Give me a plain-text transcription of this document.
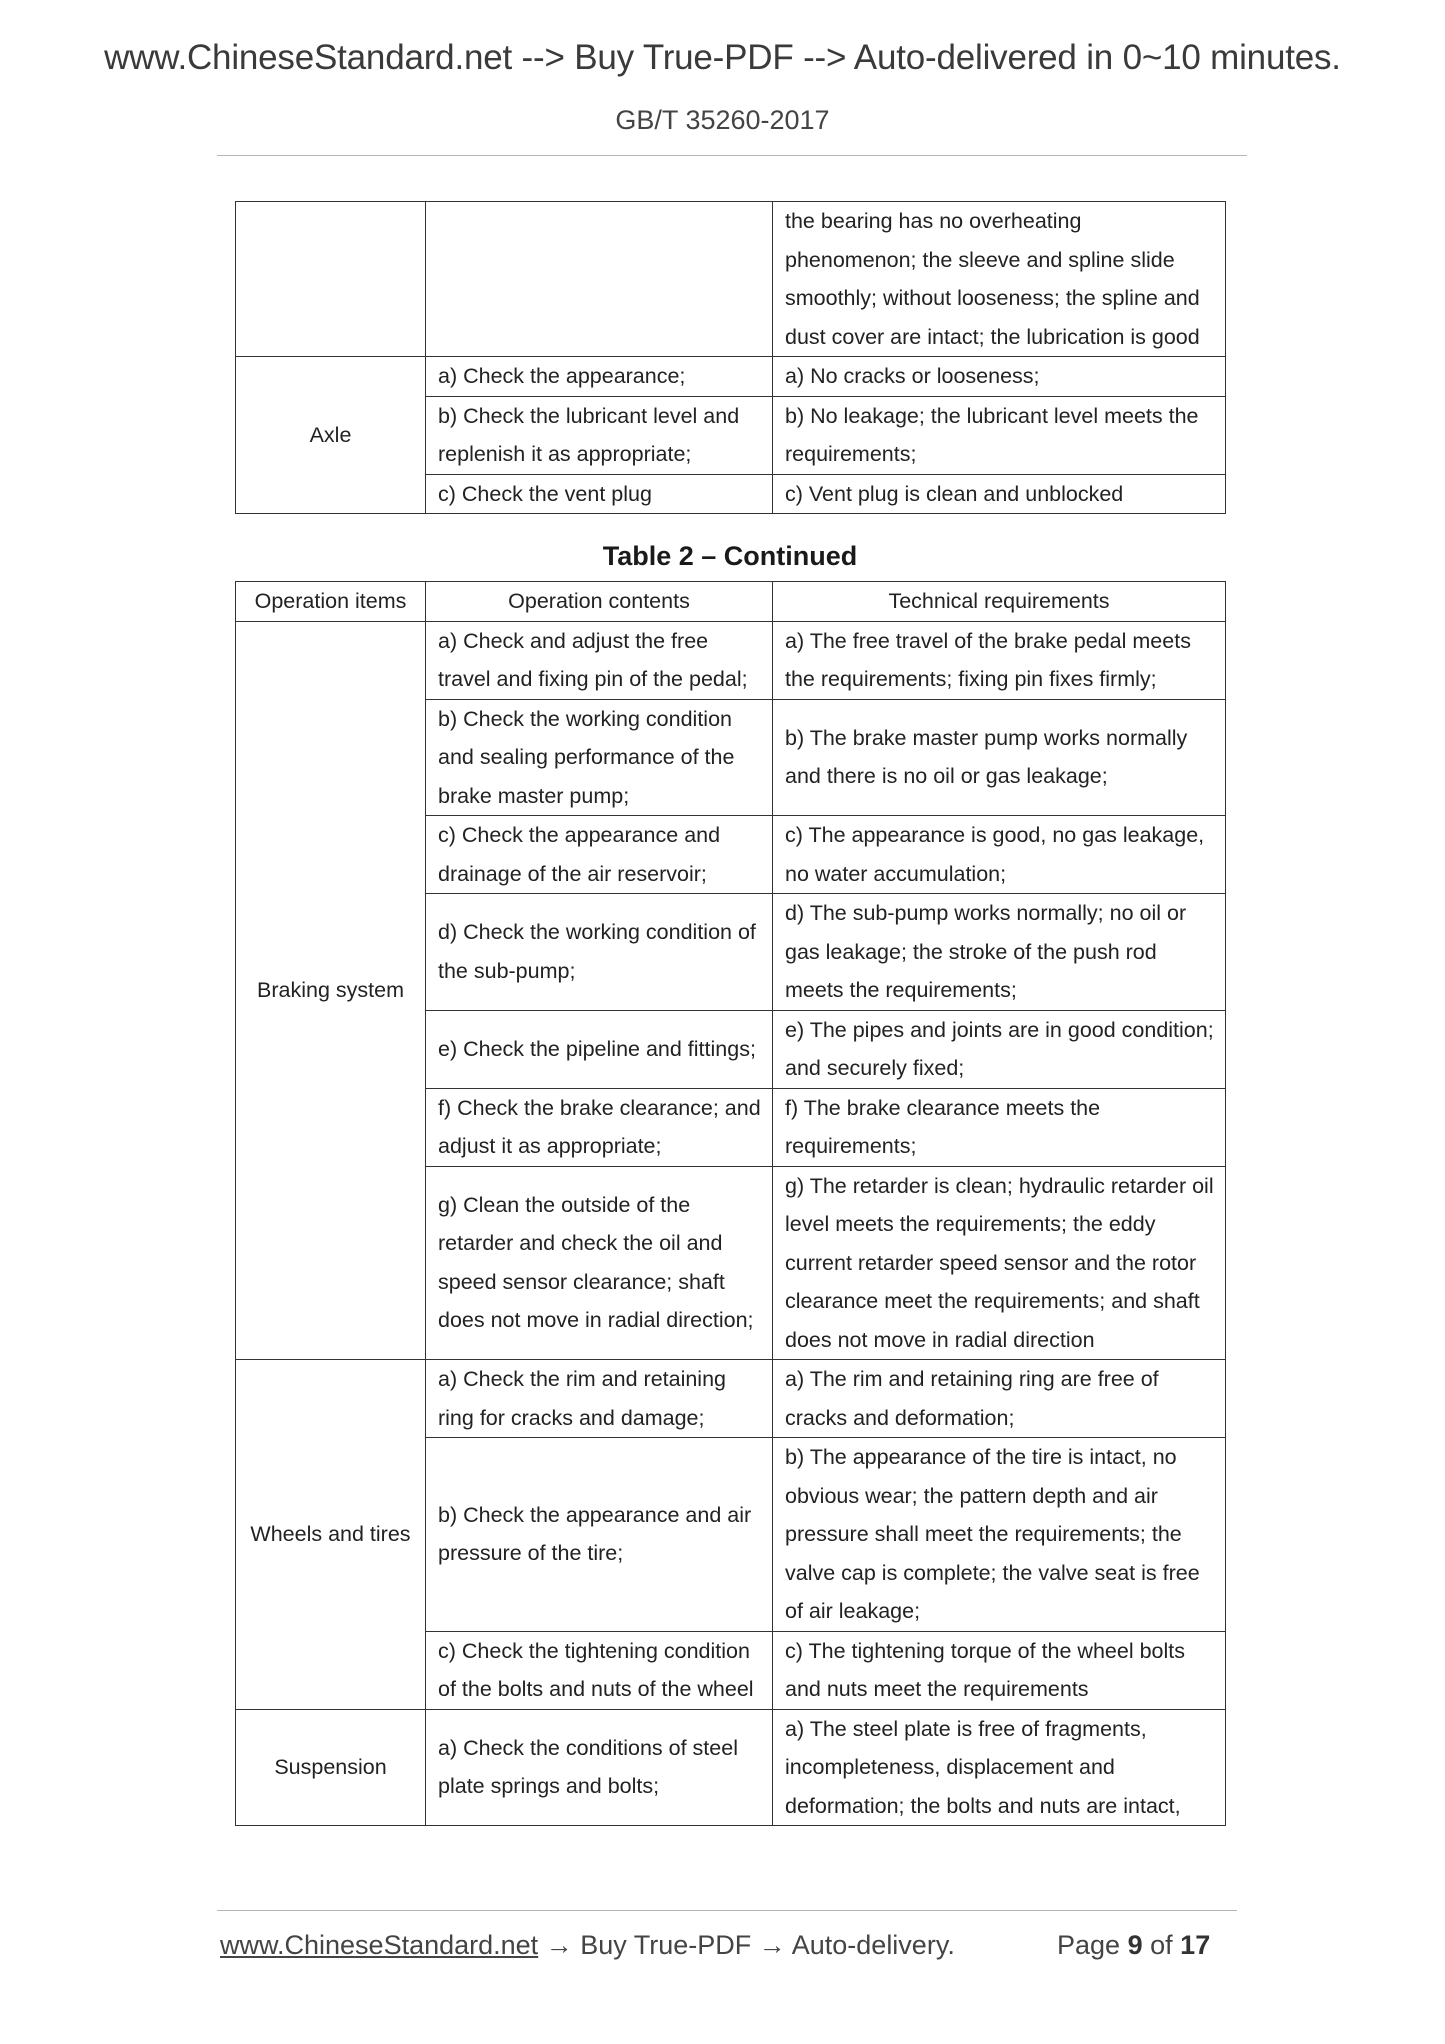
www.ChineseStandard.net --> Buy True-PDF --> Auto-delivered in 0~10 minutes.
GB/T 35260-2017
		the bearing has no overheating phenomenon; the sleeve and spline slide smoothly; without looseness; the spline and dust cover are intact; the lubrication is good
Axle	a) Check the appearance;	a) No cracks or looseness;
	b) Check the lubricant level and replenish it as appropriate;	b) No leakage; the lubricant level meets the requirements;
	c) Check the vent plug	c) Vent plug is clean and unblocked
Table 2 – Continued
Operation items	Operation contents	Technical requirements
Braking system	a) Check and adjust the free travel and fixing pin of the pedal;	a) The free travel of the brake pedal meets the requirements; fixing pin fixes firmly;
	b) Check the working condition and sealing performance of the brake master pump;	b) The brake master pump works normally and there is no oil or gas leakage;
	c) Check the appearance and drainage of the air reservoir;	c) The appearance is good, no gas leakage, no water accumulation;
	d) Check the working condition of the sub-pump;	d) The sub-pump works normally; no oil or gas leakage; the stroke of the push rod meets the requirements;
	e) Check the pipeline and fittings;	e) The pipes and joints are in good condition; and securely fixed;
	f) Check the brake clearance; and adjust it as appropriate;	f) The brake clearance meets the requirements;
	g) Clean the outside of the retarder and check the oil and speed sensor clearance; shaft does not move in radial direction;	g) The retarder is clean; hydraulic retarder oil level meets the requirements; the eddy current retarder speed sensor and the rotor clearance meet the requirements; and shaft does not move in radial direction
Wheels and tires	a) Check the rim and retaining ring for cracks and damage;	a) The rim and retaining ring are free of cracks and deformation;
	b) Check the appearance and air pressure of the tire;	b) The appearance of the tire is intact, no obvious wear; the pattern depth and air pressure shall meet the requirements; the valve cap is complete; the valve seat is free of air leakage;
	c) Check the tightening condition of the bolts and nuts of the wheel	c) The tightening torque of the wheel bolts and nuts meet the requirements
Suspension	a) Check the conditions of steel plate springs and bolts;	a) The steel plate is free of fragments, incompleteness, displacement and deformation; the bolts and nuts are intact,
www.ChineseStandard.net → Buy True-PDF → Auto-delivery.	Page 9 of 17
